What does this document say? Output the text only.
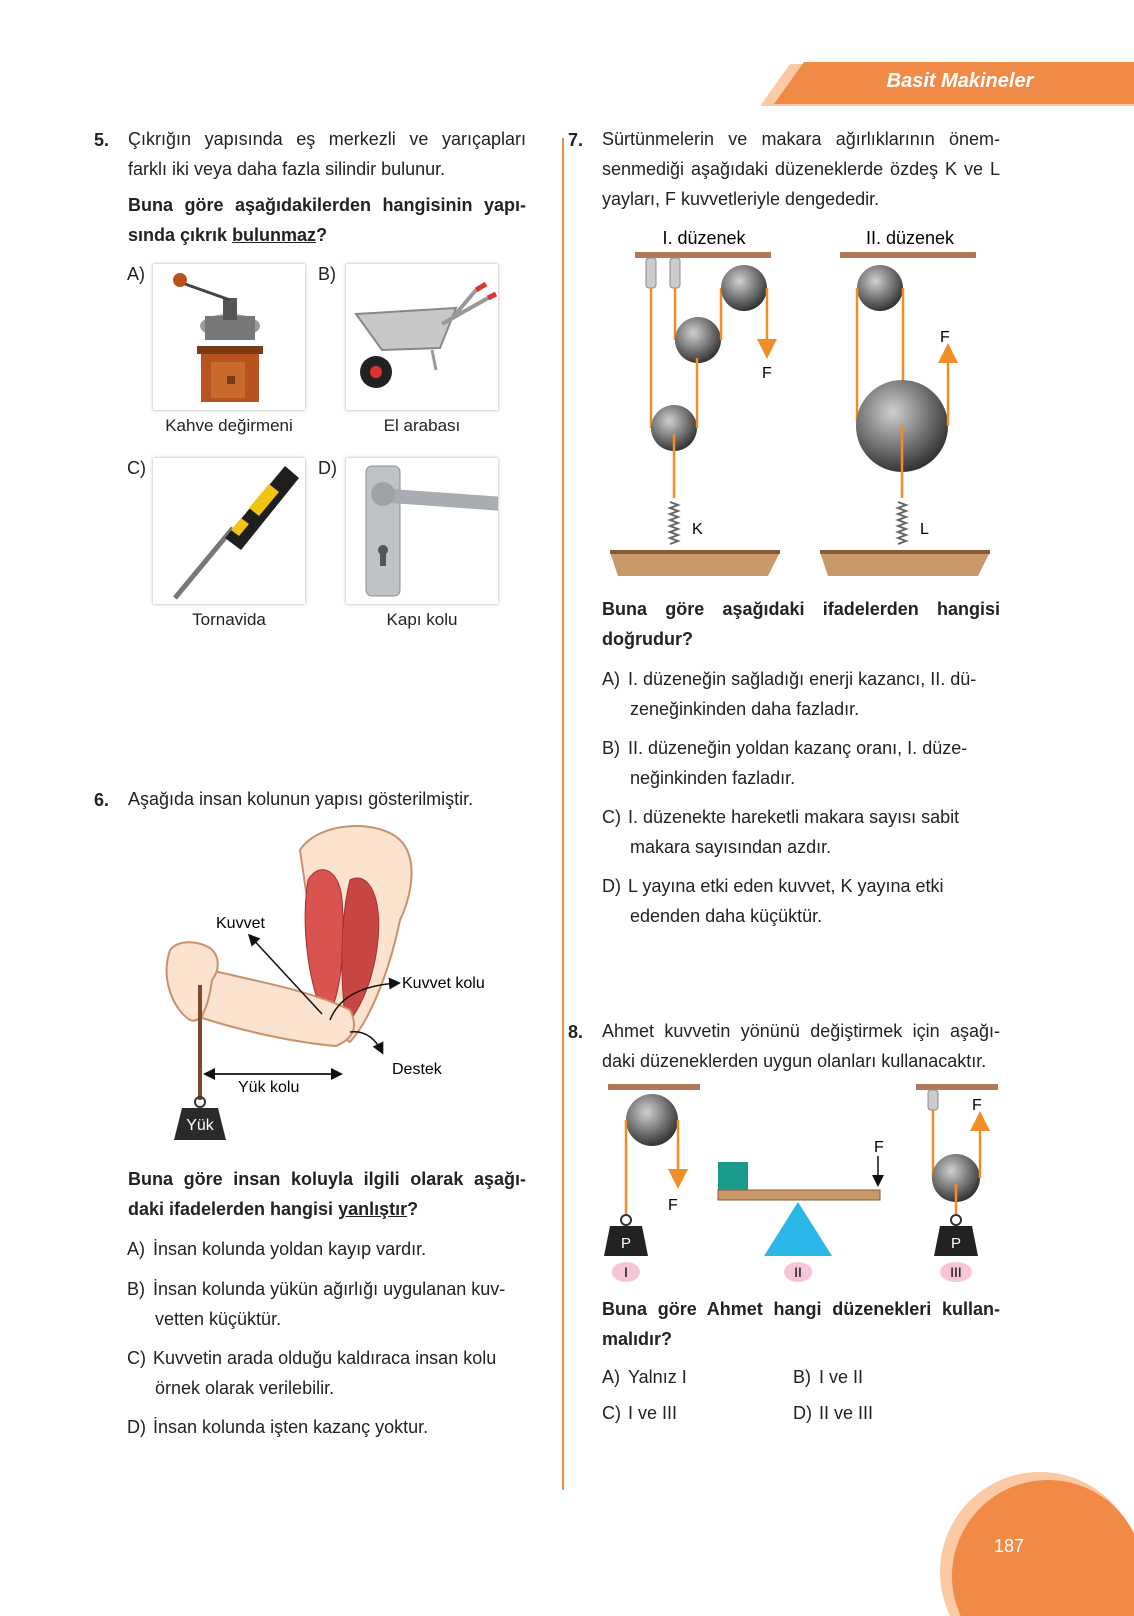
Basit Makineler
5. Çıkrığın yapısında eş merkezli ve yarıçapları farklı iki veya daha fazla silindir bulunur.
Buna göre aşağıdakilerden hangisinin yapı-sında çıkrık bulunmaz?
A)
Kahve değirmeni
B)
El arabası
C)
Tornavida
D)
Kapı kolu
6. Aşağıda insan kolunun yapısı gösterilmiştir.
Yük
Kuvvet
Kuvvet kolu
Destek
Yük kolu
Buna göre insan koluyla ilgili olarak aşağı-daki ifadelerden hangisi yanlıştır?
A) İnsan kolunda yoldan kayıp vardır.
B) İnsan kolunda yükün ağırlığı uygulanan kuv-
vetten küçüktür.
C) Kuvvetin arada olduğu kaldıraca insan kolu
örnek olarak verilebilir.
D) İnsan kolunda işten kazanç yoktur.
7. Sürtünmelerin ve makara ağırlıklarının önem-senmediği aşağıdaki düzeneklerde özdeş K ve L yayları, F kuvvetleriyle dengededir.
I. düzenek	II. düzenek
F
K
F
L
Buna göre aşağıdaki ifadelerden hangisi doğrudur?
A) I. düzeneğin sağladığı enerji kazancı, II. dü-
zeneğinkinden daha fazladır.
B) II. düzeneğin yoldan kazanç oranı, I. düze-
neğinkinden fazladır.
C) I. düzenekte hareketli makara sayısı sabit
makara sayısından azdır.
D) L yayına etki eden kuvvet, K yayına etki
edenden daha küçüktür.
8. Ahmet kuvvetin yönünü değiştirmek için aşağı-daki düzeneklerden uygun olanları kullanacaktır.
F
P
I
F
II
F
P
III
Buna göre Ahmet hangi düzenekleri kullan-malıdır?
A) Yalnız I	B) I ve II
C) I ve III	D) II ve III
187
